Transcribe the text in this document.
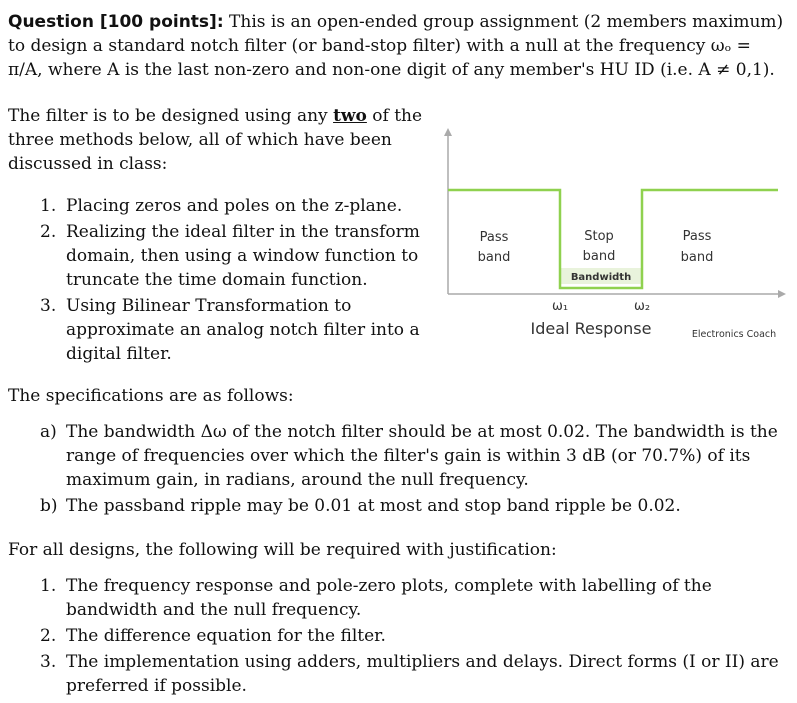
Question [100 points]: This is an open-ended group assignment (2 members maximum) to design a standard notch filter (or band-stop filter) with a null at the frequency ωₒ = π/A, where A is the last non-zero and non-one digit of any member's HU ID (i.e. A ≠ 0,1).
The filter is to be designed using any two of the three methods below, all of which have been discussed in class:
1. Placing zeros and poles on the z-plane.
2. Realizing the ideal filter in the transform domain, then using a window function to truncate the time domain function.
3. Using Bilinear Transformation to approximate an analog notch filter into a digital filter.
Pass
band
Stop
band
Bandwidth
Pass
band
ω₁	ω₂
Ideal Response	Electronics Coach
The specifications are as follows:
a) The bandwidth Δω of the notch filter should be at most 0.02. The bandwidth is the range of frequencies over which the filter's gain is within 3 dB (or 70.7%) of its maximum gain, in radians, around the null frequency.
b) The passband ripple may be 0.01 at most and stop band ripple be 0.02.
For all designs, the following will be required with justification:
1. The frequency response and pole-zero plots, complete with labelling of the bandwidth and the null frequency.
2. The difference equation for the filter.
3. The implementation using adders, multipliers and delays. Direct forms (I or II) are preferred if possible.
